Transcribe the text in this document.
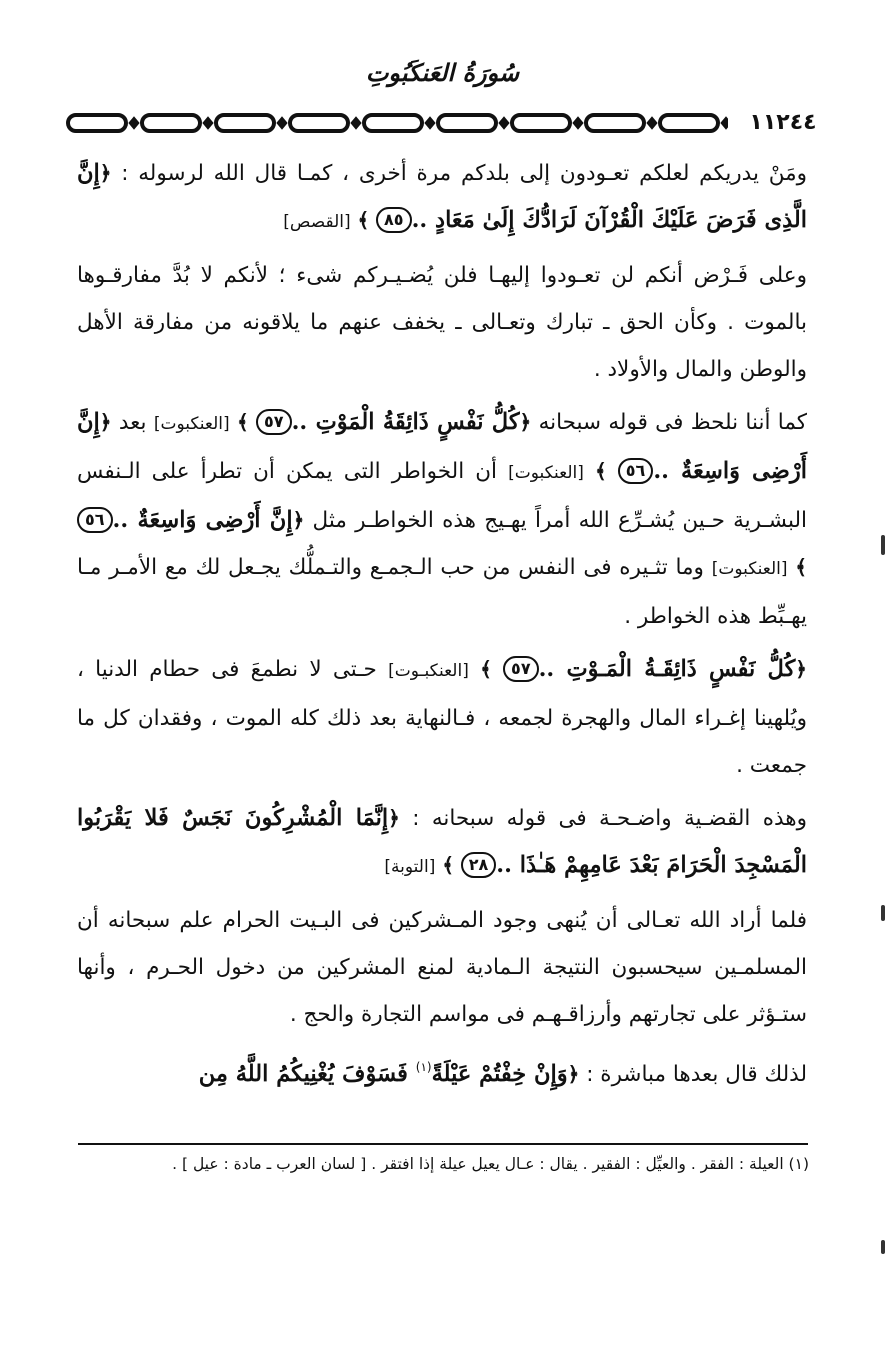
سُورَةُ العَنكَبُوتِ
١١٢٤٤

ومَنْ يدريكم لعلكم تعـودون إلى بلدكم مرة أخرى ، كمـا قال الله لرسوله : ﴿إِنَّ الَّذِى فَرَضَ عَلَيْكَ الْقُرْآنَ لَرَادُّكَ إِلَىٰ مَعَادٍ ..٨٥ ﴾ [القصص]

وعلى فَـرْض أنكم لن تعـودوا إليهـا فلن يُضـيـركم شىء ؛ لأنكم لا بُدَّ مفارقـوها بالموت . وكأن الحق ـ تبارك وتعـالى ـ يخفف عنهم ما يلاقونه من مفارقة الأهل والوطن والمال والأولاد .

كما أننا نلحظ فى قوله سبحانه ﴿كُلُّ نَفْسٍ ذَائِقَةُ الْمَوْتِ ..٥٧ ﴾ [العنكبوت] بعد ﴿إِنَّ أَرْضِى وَاسِعَةٌ ..٥٦ ﴾ [العنكبوت] أن الخواطر التى يمكن أن تطرأ على الـنفس البشـرية حـين يُشـرِّع الله أمراً يهـيج هذه الخواطـر مثل ﴿إِنَّ أَرْضِى وَاسِعَةٌ ..٥٦ ﴾ [العنكبوت] وما تثـيره فى النفس من حب الـجمـع والتـملُّك يجـعل لك مع الأمـر مـا يهـبِّط هذه الخواطر .

﴿كُلُّ نَفْسٍ ذَائِقَـةُ الْمَـوْتِ ..٥٧ ﴾ [العنكبـوت] حـتى لا نطمعَ فى حطام الدنيا ، ويُلهينا إغـراء المال والهجرة لجمعه ، فـالنهاية بعد ذلك كله الموت ، وفقدان كل ما جمعت .

وهذه القضـية واضـحـة فى قوله سبحانه : ﴿إِنَّمَا الْمُشْرِكُونَ نَجَسٌ فَلا يَقْرَبُوا الْمَسْجِدَ الْحَرَامَ بَعْدَ عَامِهِمْ هَـٰذَا ..٢٨ ﴾ [التوبة]

فلما أراد الله تعـالى أن يُنهى وجود المـشركين فى البـيت الحرام علم سبحانه أن المسلمـين سيحسبون النتيجة الـمادية لمنع المشركين من دخول الحـرم ، وأنها ستـؤثر على تجارتهم وأرزاقـهـم فى مواسم التجارة والحج .

لذلك قال بعدها مباشرة : ﴿وَإِنْ خِفْتُمْ عَيْلَةً$^{(١)}$ فَسَوْفَ يُغْنِيكُمُ اللَّهُ مِن

(١) العيلة : الفقر . والعيِّل : الفقير . يقال : عـال يعيل عيلة إذا افتقر . [ لسان العرب ـ مادة : عيل ] .
